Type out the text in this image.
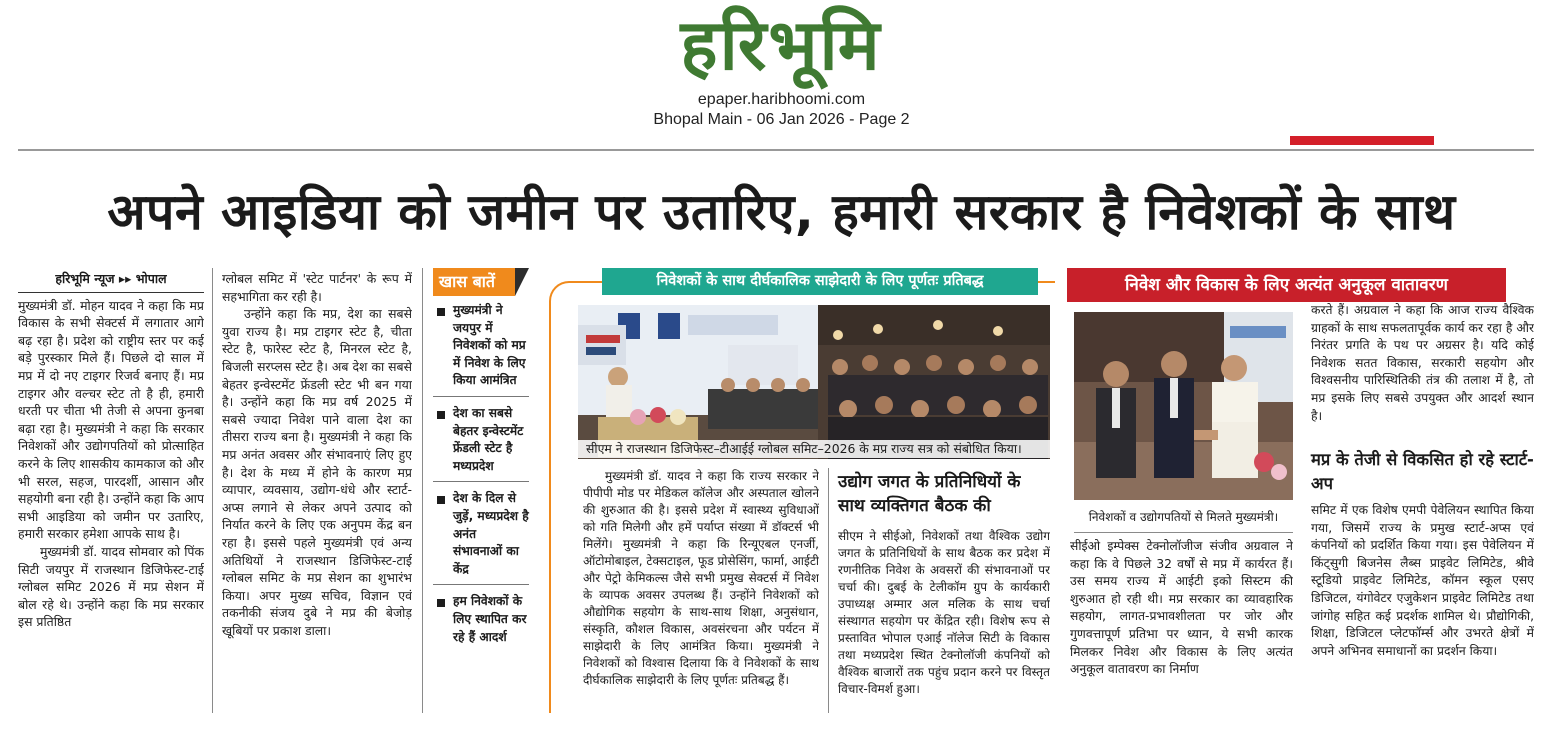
हरिभूमि
epaper.haribhoomi.com
Bhopal Main - 06 Jan 2026 - Page 2
अपने आइडिया को जमीन पर उतारिए, हमारी सरकार है निवेशकों के साथ
हरिभूमि न्यूज ▸▸ भोपाल

मुख्यमंत्री डॉ. मोहन यादव ने कहा कि मप्र विकास के सभी सेक्टर्स में लगातार आगे बढ़ रहा है। प्रदेश को राष्ट्रीय स्तर पर कई बड़े पुरस्कार मिले हैं। पिछले दो साल में मप्र में दो नए टाइगर रिजर्व बनाए हैं। मप्र टाइगर और वल्चर स्टेट तो है ही, हमारी धरती पर चीता भी तेजी से अपना कुनबा बढ़ा रहा है। मुख्यमंत्री ने कहा कि सरकार निवेशकों और उद्योगपतियों को प्रोत्साहित करने के लिए शासकीय कामकाज को और भी सरल, सहज, पारदर्शी, आसान और सहयोगी बना रही है। उन्होंने कहा कि आप सभी आइडिया को जमीन पर उतारिए, हमारी सरकार हमेशा आपके साथ है।

मुख्यमंत्री डॉ. यादव सोमवार को पिंक सिटी जयपुर में राजस्थान डिजिफेस्ट-टाई ग्लोबल समिट 2026 में मप्र सेशन में बोल रहे थे। उन्होंने कहा कि मप्र सरकार इस प्रतिष्ठित

ग्लोबल समिट में 'स्टेट पार्टनर' के रूप में सहभागिता कर रही है।

उन्होंने कहा कि मप्र, देश का सबसे युवा राज्य है। मप्र टाइगर स्टेट है, चीता स्टेट है, फारेस्ट स्टेट है, मिनरल स्टेट है, बिजली सरप्लस स्टेट है। अब देश का सबसे बेहतर इन्वेस्टमेंट फ्रेंडली स्टेट भी बन गया है। उन्होंने कहा कि मप्र वर्ष 2025 में सबसे ज्यादा निवेश पाने वाला देश का तीसरा राज्य बना है। मुख्यमंत्री ने कहा कि मप्र अनंत अवसर और संभावनाएं लिए हुए है। देश के मध्य में होने के कारण मप्र व्यापार, व्यवसाय, उद्योग-धंधे और स्टार्ट-अप्स लगाने से लेकर अपने उत्पाद को निर्यात करने के लिए एक अनुपम केंद्र बन रहा है। इससे पहले मुख्यमंत्री एवं अन्य अतिथियों ने राजस्थान डिजिफेस्ट-टाई ग्लोबल समिट के मप्र सेशन का शुभारंभ किया। अपर मुख्य सचिव, विज्ञान एवं तकनीकी संजय दुबे ने मप्र की बेजोड़ खूबियों पर प्रकाश डाला।

खास बातें
मुख्यमंत्री ने जयपुर में निवेशकों को मप्र में निवेश के लिए किया आमंत्रित
देश का सबसे बेहतर इन्वेस्टमेंट फ्रेंडली स्टेट है मध्यप्रदेश
देश के दिल से जुड़ें, मध्यप्रदेश है अनंत संभावनाओं का केंद्र
हम निवेशकों के लिए स्थापित कर रहे हैं आदर्श
निवेशकों के साथ दीर्घकालिक साझेदारी के लिए पूर्णतः प्रतिबद्ध
सीएम ने राजस्थान डिजिफेस्ट–टीआईई ग्लोबल समिट–2026 के मप्र राज्य सत्र को संबोधित किया।

मुख्यमंत्री डॉ. यादव ने कहा कि राज्य सरकार ने पीपीपी मोड पर मेडिकल कॉलेज और अस्पताल खोलने की शुरुआत की है। इससे प्रदेश में स्वास्थ्य सुविधाओं को गति मिलेगी और हमें पर्याप्त संख्या में डॉक्टर्स भी मिलेंगे। मुख्यमंत्री ने कहा कि रिन्यूएबल एनर्जी, ऑटोमोबाइल, टेक्सटाइल, फूड प्रोसेसिंग, फार्मा, आईटी और पेट्रो केमिकल्स जैसे सभी प्रमुख सेक्टर्स में निवेश के व्यापक अवसर उपलब्ध हैं। उन्होंने निवेशकों को औद्योगिक सहयोग के साथ-साथ शिक्षा, अनुसंधान, संस्कृति, कौशल विकास, अवसंरचना और पर्यटन में साझेदारी के लिए आमंत्रित किया। मुख्यमंत्री ने निवेशकों को विश्वास दिलाया कि वे निवेशकों के साथ दीर्घकालिक साझेदारी के लिए पूर्णतः प्रतिबद्ध हैं।

उद्योग जगत के प्रतिनिधियों के साथ व्यक्तिगत बैठक की

सीएम ने सीईओ, निवेशकों तथा वैश्विक उद्योग जगत के प्रतिनिधियों के साथ बैठक कर प्रदेश में रणनीतिक निवेश के अवसरों की संभावनाओं पर चर्चा की। दुबई के टेलीकॉम ग्रुप के कार्यकारी उपाध्यक्ष अम्मार अल मलिक के साथ चर्चा संस्थागत सहयोग पर केंद्रित रही। विशेष रूप से प्रस्तावित भोपाल एआई नॉलेज सिटी के विकास तथा मध्यप्रदेश स्थित टेक्नोलॉजी कंपनियों को वैश्विक बाजारों तक पहुंच प्रदान करने पर विस्तृत विचार-विमर्श हुआ।

निवेश और विकास के लिए अत्यंत अनुकूल वातावरण
निवेशकों व उद्योगपतियों से मिलते मुख्यमंत्री।

सीईओ इम्पेक्स टेक्नोलॉजीज संजीव अग्रवाल ने कहा कि वे पिछले 32 वर्षों से मप्र में कार्यरत हैं। उस समय राज्य में आईटी इको सिस्टम की शुरुआत हो रही थी। मप्र सरकार का व्यावहारिक सहयोग, लागत-प्रभावशीलता पर जोर और गुणवत्तापूर्ण प्रतिभा पर ध्यान, ये सभी कारक मिलकर निवेश और विकास के लिए अत्यंत अनुकूल वातावरण का निर्माण

करते हैं। अग्रवाल ने कहा कि आज राज्य वैश्विक ग्राहकों के साथ सफलतापूर्वक कार्य कर रहा है और निरंतर प्रगति के पथ पर अग्रसर है। यदि कोई निवेशक सतत विकास, सरकारी सहयोग और विश्वसनीय पारिस्थितिकी तंत्र की तलाश में है, तो मप्र इसके लिए सबसे उपयुक्त और आदर्श स्थान है।

मप्र के तेजी से विकसित हो रहे स्टार्ट-अप

समिट में एक विशेष एमपी पेवेलियन स्थापित किया गया, जिसमें राज्य के प्रमुख स्टार्ट-अप्स एवं कंपनियों को प्रदर्शित किया गया। इस पेवेलियन में किंट्सुगी बिजनेस लैब्स प्राइवेट लिमिटेड, श्रीवे स्टूडियो प्राइवेट लिमिटेड, कॉमन स्कूल एसए डिजिटल, यंगोवेटर एजुकेशन प्राइवेट लिमिटेड तथा जांगोह सहित कई प्रदर्शक शामिल थे। प्रौद्योगिकी, शिक्षा, डिजिटल प्लेटफॉर्म्स और उभरते क्षेत्रों में अपने अभिनव समाधानों का प्रदर्शन किया।
